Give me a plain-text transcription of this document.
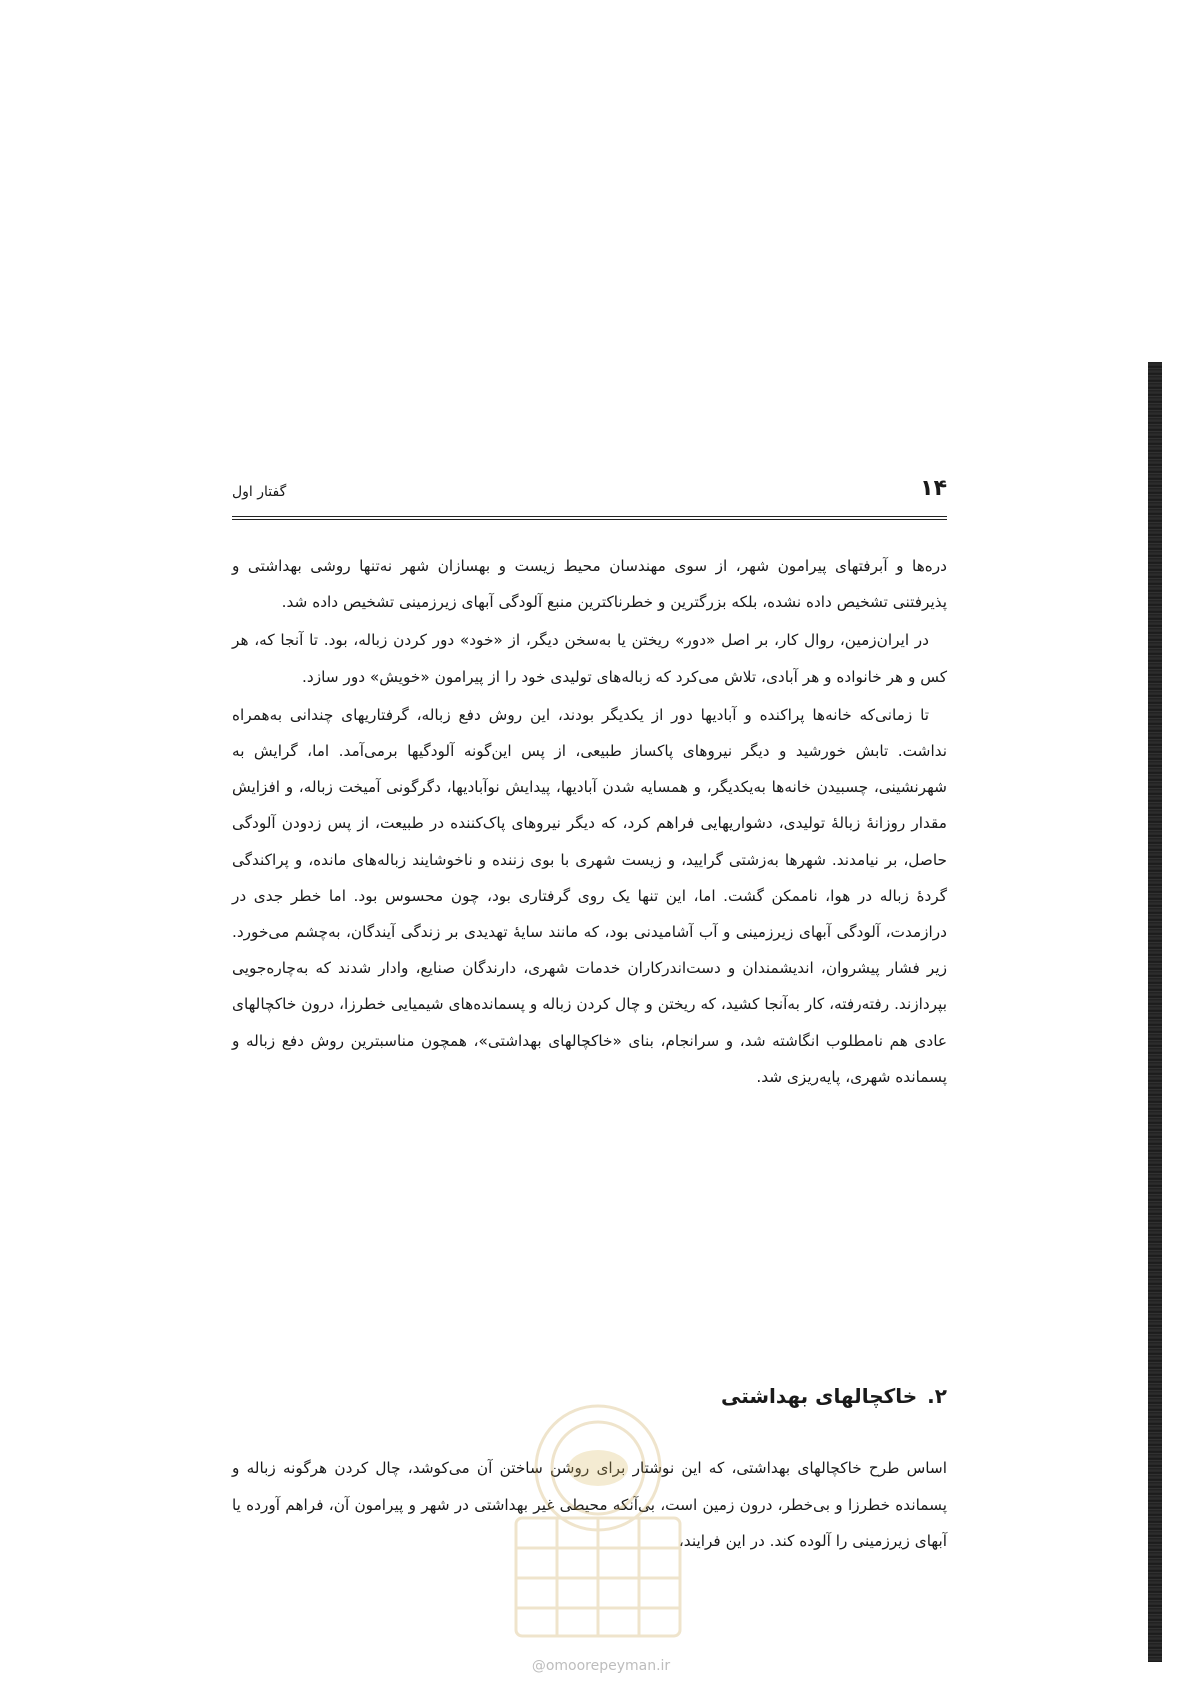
۱۴
گفتار اول

دره‌ها و آبرفتهای پیرامون شهر، از سوی مهندسان محیط زیست و بهسازان شهر نه‌تنها روشی بهداشتی و پذیرفتنی تشخیص داده نشده، بلکه بزرگترین و خطرناکترین منبع آلودگی آبهای زیرزمینی تشخیص داده شد.

در ایران‌زمین، روال کار، بر اصل «دور» ریختن یا به‌سخن دیگر، از «خود» دور کردن زباله، بود. تا آنجا که، هر کس و هر خانواده و هر آبادی، تلاش می‌کرد که زباله‌های تولیدی خود را از پیرامون «خویش» دور سازد.

تا زمانی‌که خانه‌ها پراکنده و آبادیها دور از یکدیگر بودند، این روش دفع زباله، گرفتاریهای چندانی به‌همراه نداشت. تابش خورشید و دیگر نیروهای پاکساز طبیعی، از پس این‌گونه آلودگیها برمی‌آمد. اما، گرایش به شهرنشینی، چسبیدن خانه‌ها به‌یکدیگر، و همسایه شدن آبادیها، پیدایش نوآبادیها، دگرگونی آمیخت زباله، و افزایش مقدار روزانهٔ زبالهٔ تولیدی، دشواریهایی فراهم کرد، که دیگر نیروهای پاک‌کننده در طبیعت، از پس زدودن آلودگی حاصل، بر نیامدند. شهرها به‌زشتی گرایید، و زیست شهری با بوی زننده و ناخوشایند زباله‌های مانده، و پراکندگی گردهٔ زباله در هوا، ناممکن گشت. اما، این تنها یک روی گرفتاری بود، چون محسوس بود. اما خطر جدی در درازمدت، آلودگی آبهای زیرزمینی و آب آشامیدنی بود، که مانند سایهٔ تهدیدی بر زندگی آیندگان، به‌چشم می‌خورد. زیر فشار پیشروان، اندیشمندان و دست‌اندرکاران خدمات شهری، دارندگان صنایع، وادار شدند که به‌چاره‌جویی بپردازند. رفته‌رفته، کار به‌آنجا کشید، که ریختن و چال کردن زباله و پسمانده‌های شیمیایی خطرزا، درون خاکچالهای عادی هم نامطلوب انگاشته شد، و سرانجام، بنای «خاکچالهای بهداشتی»، همچون مناسبترین روش دفع زباله و پسمانده شهری، پایه‌ریزی شد.

۲.خاکچالهای بهداشتی

اساس طرح خاکچالهای بهداشتی، که این نوشتار برای روشن ساختن آن می‌کوشد، چال کردن هرگونه زباله و پسمانده خطرزا و بی‌خطر، درون زمین است، بی‌آنکه محیطی غیر بهداشتی در شهر و پیرامون آن، فراهم آورده یا آبهای زیرزمینی را آلوده کند. در این فرایند،

@omoorepeyman.ir
